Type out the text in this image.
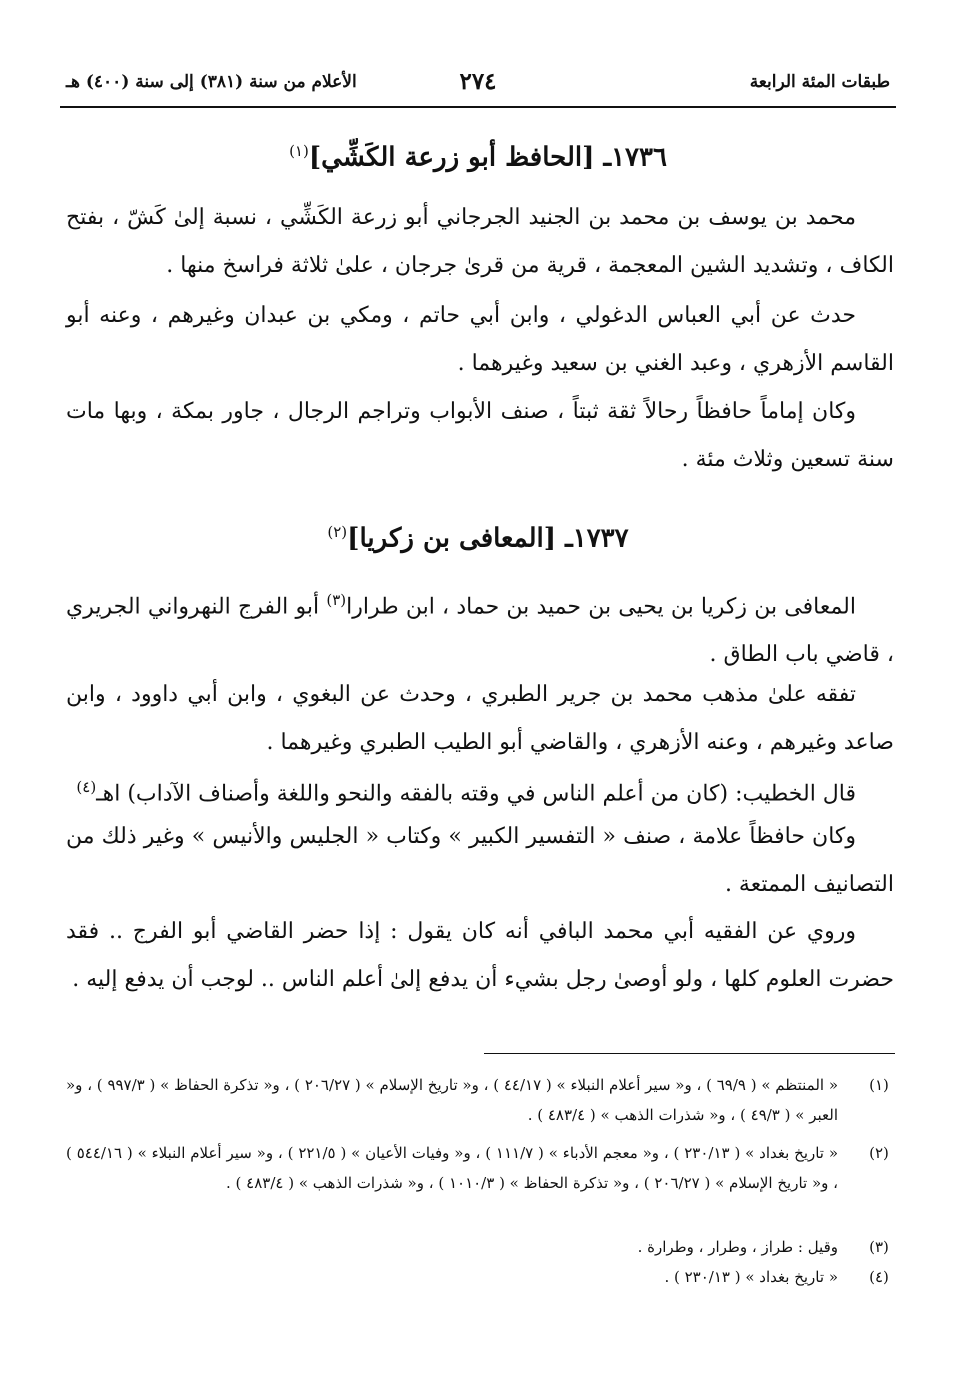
طبقات المئة الرابعة
٢٧٤
الأعلام من سنة (٣٨١) إلى سنة (٤٠٠) هـ
١٧٣٦ـ [الحافظ أبو زرعة الكَشِّي]$^{(١)}$
محمد بن يوسف بن محمد بن الجنيد الجرجاني أبو زرعة الكَشِّي ، نسبة إلىٰ كَشّ ، بفتح الكاف ، وتشديد الشين المعجمة ، قرية من قرىٰ جرجان ، علىٰ ثلاثة فراسخ منها .
حدث عن أبي العباس الدغولي ، وابن أبي حاتم ، ومكي بن عبدان وغيرهم ، وعنه أبو القاسم الأزهري ، وعبد الغني بن سعيد وغيرهما .
وكان إماماً حافظاً رحالاً ثقة ثبتاً ، صنف الأبواب وتراجم الرجال ، جاور بمكة ، وبها مات سنة تسعين وثلاث مئة .
١٧٣٧ـ [المعافى بن زكريا]$^{(٢)}$
المعافى بن زكريا بن يحيى بن حميد بن حماد ، ابن طرارا$^{(٣)}$ أبو الفرج النهرواني الجريري ، قاضي باب الطاق .
تفقه علىٰ مذهب محمد بن جرير الطبري ، وحدث عن البغوي ، وابن أبي داوود ، وابن صاعد وغيرهم ، وعنه الأزهري ، والقاضي أبو الطيب الطبري وغيرهما .
قال الخطيب: (كان من أعلم الناس في وقته بالفقه والنحو واللغة وأصناف الآداب) اهـ$^{(٤)}$
وكان حافظاً علامة ، صنف « التفسير الكبير » وكتاب « الجليس والأنيس » وغير ذلك من التصانيف الممتعة .
وروي عن الفقيه أبي محمد البافي أنه كان يقول : إذا حضر القاضي أبو الفرج .. فقد حضرت العلوم كلها ، ولو أوصىٰ رجل بشيء أن يدفع إلىٰ أعلم الناس .. لوجب أن يدفع إليه .
(١)
« المنتظم » ( ٦٩/٩ ) ، و« سير أعلام النبلاء » ( ٤٤/١٧ ) ، و« تاريخ الإسلام » ( ٢٠٦/٢٧ ) ، و« تذكرة الحفاظ » ( ٩٩٧/٣ ) ، و« العبر » ( ٤٩/٣ ) ، و« شذرات الذهب » ( ٤٨٣/٤ ) .
(٢)
« تاريخ بغداد » ( ٢٣٠/١٣ ) ، و« معجم الأدباء » ( ١١١/٧ ) ، و« وفيات الأعيان » ( ٢٢١/٥ ) ، و« سير أعلام النبلاء » ( ٥٤٤/١٦ ) ، و« تاريخ الإسلام » ( ٢٠٦/٢٧ ) ، و« تذكرة الحفاظ » ( ١٠١٠/٣ ) ، و« شذرات الذهب » ( ٤٨٣/٤ ) .
(٣)
وقيل : طراز ، وطرار ، وطرارة .
(٤)
« تاريخ بغداد » ( ٢٣٠/١٣ ) .
